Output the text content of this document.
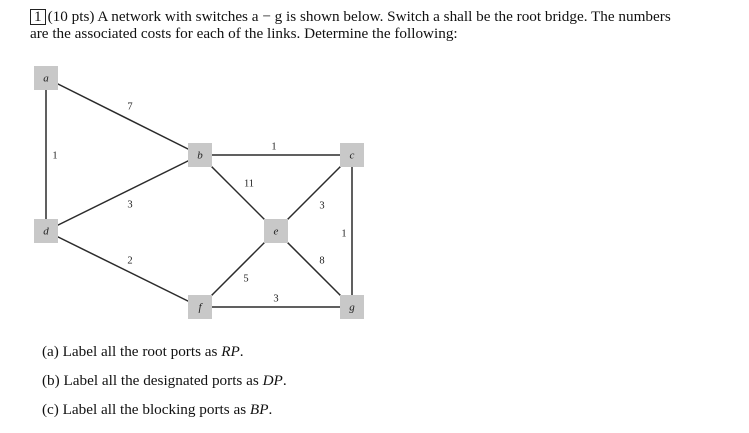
1 (10 pts) A network with switches a − g is shown below. Switch a shall be the root bridge. The numbers
are the associated costs for each of the links. Determine the following:
7
1
1
3
11
3
1
2
5
8
3
a
b	c
d	e
f	g
(a) Label all the root ports as RP.
(b) Label all the designated ports as DP.
(c) Label all the blocking ports as BP.
